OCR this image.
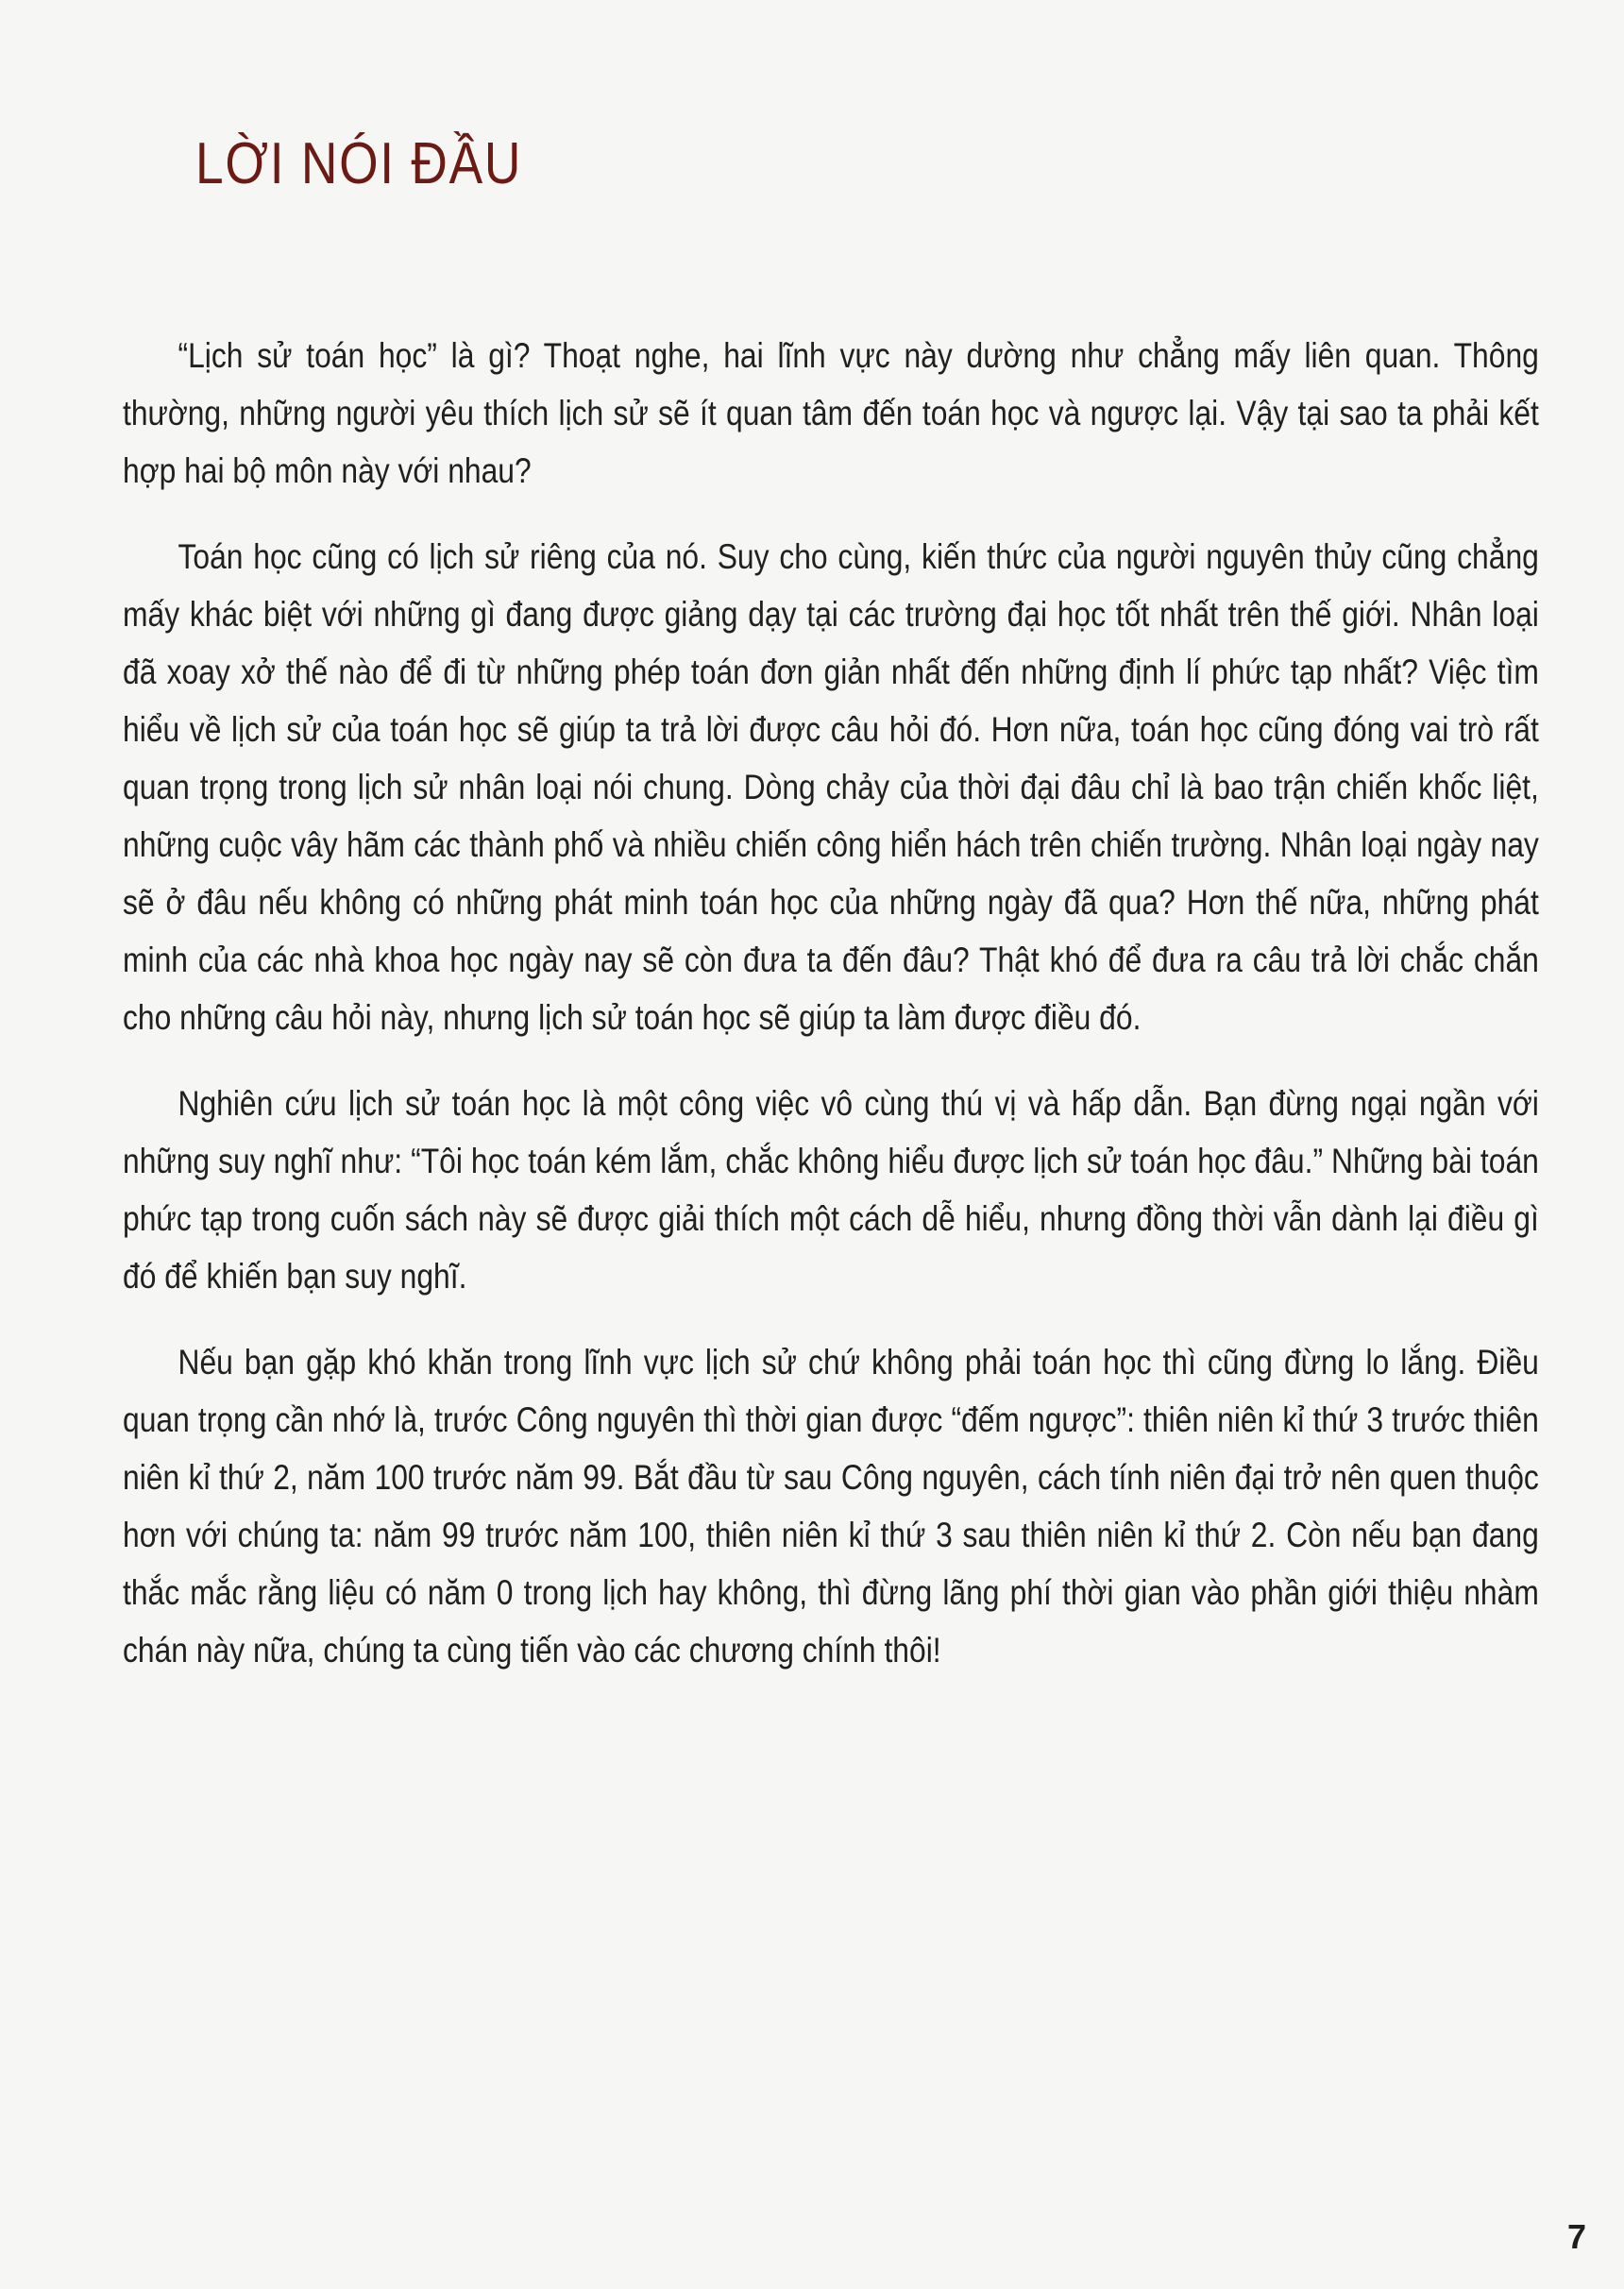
LỜI NÓI ĐẦU

“Lịch sử toán học” là gì? Thoạt nghe, hai lĩnh vực này dường như chẳng mấy liên quan. Thông thường, những người yêu thích lịch sử sẽ ít quan tâm đến toán học và ngược lại. Vậy tại sao ta phải kết hợp hai bộ môn này với nhau?

Toán học cũng có lịch sử riêng của nó. Suy cho cùng, kiến thức của người nguyên thủy cũng chẳng mấy khác biệt với những gì đang được giảng dạy tại các trường đại học tốt nhất trên thế giới. Nhân loại đã xoay xở thế nào để đi từ những phép toán đơn giản nhất đến những định lí phức tạp nhất? Việc tìm hiểu về lịch sử của toán học sẽ giúp ta trả lời được câu hỏi đó. Hơn nữa, toán học cũng đóng vai trò rất quan trọng trong lịch sử nhân loại nói chung. Dòng chảy của thời đại đâu chỉ là bao trận chiến khốc liệt, những cuộc vây hãm các thành phố và nhiều chiến công hiển hách trên chiến trường. Nhân loại ngày nay sẽ ở đâu nếu không có những phát minh toán học của những ngày đã qua? Hơn thế nữa, những phát minh của các nhà khoa học ngày nay sẽ còn đưa ta đến đâu? Thật khó để đưa ra câu trả lời chắc chắn cho những câu hỏi này, nhưng lịch sử toán học sẽ giúp ta làm được điều đó.

Nghiên cứu lịch sử toán học là một công việc vô cùng thú vị và hấp dẫn. Bạn đừng ngại ngần với những suy nghĩ như: “Tôi học toán kém lắm, chắc không hiểu được lịch sử toán học đâu.” Những bài toán phức tạp trong cuốn sách này sẽ được giải thích một cách dễ hiểu, nhưng đồng thời vẫn dành lại điều gì đó để khiến bạn suy nghĩ.

Nếu bạn gặp khó khăn trong lĩnh vực lịch sử chứ không phải toán học thì cũng đừng lo lắng. Điều quan trọng cần nhớ là, trước Công nguyên thì thời gian được “đếm ngược”: thiên niên kỉ thứ 3 trước thiên niên kỉ thứ 2, năm 100 trước năm 99. Bắt đầu từ sau Công nguyên, cách tính niên đại trở nên quen thuộc hơn với chúng ta: năm 99 trước năm 100, thiên niên kỉ thứ 3 sau thiên niên kỉ thứ 2. Còn nếu bạn đang thắc mắc rằng liệu có năm 0 trong lịch hay không, thì đừng lãng phí thời gian vào phần giới thiệu nhàm chán này nữa, chúng ta cùng tiến vào các chương chính thôi!

7
